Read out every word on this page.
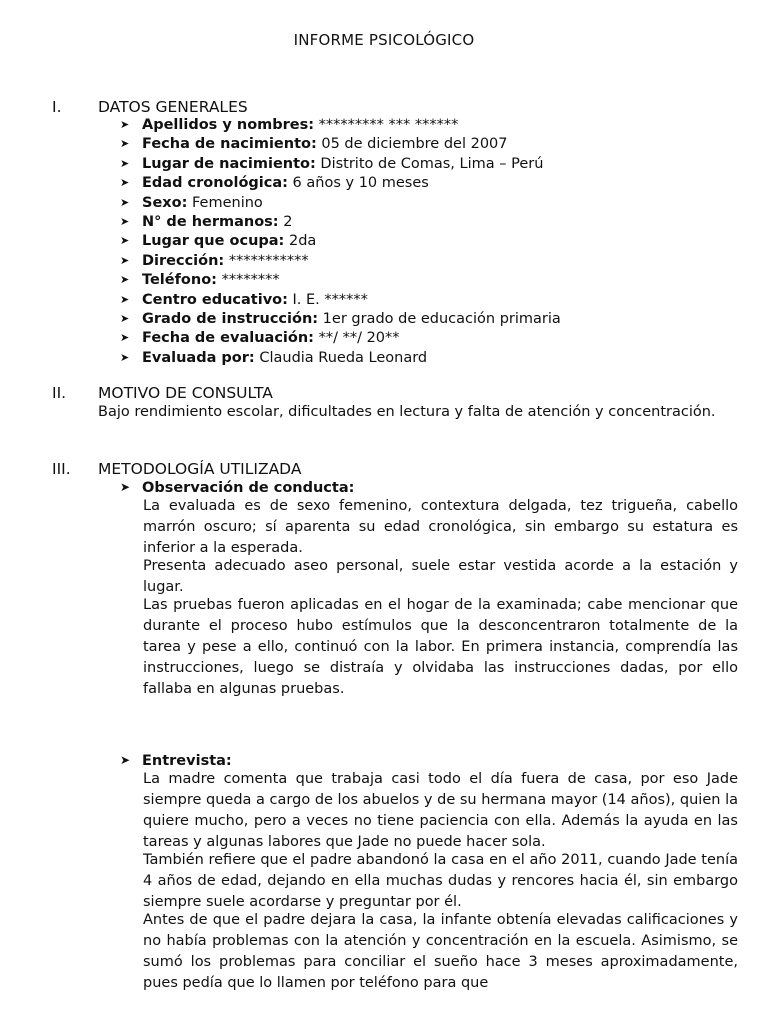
INFORME PSICOLÓGICO
I. DATOS GENERALES
➤ Apellidos y nombres: ********* *** ******
➤ Fecha de nacimiento: 05 de diciembre del 2007
➤ Lugar de nacimiento: Distrito de Comas, Lima – Perú
➤ Edad cronológica: 6 años y 10 meses
➤ Sexo: Femenino
➤ N° de hermanos: 2
➤ Lugar que ocupa: 2da
➤ Dirección: ***********
➤ Teléfono: ********
➤ Centro educativo: I. E. ******
➤ Grado de instrucción: 1er grado de educación primaria
➤ Fecha de evaluación: **/ **/ 20**
➤ Evaluada por: Claudia Rueda Leonard
II. MOTIVO DE CONSULTA

Bajo rendimiento escolar, dificultades en lectura y falta de atención y concentración.

III. METODOLOGÍA UTILIZADA
➤ Observación de conducta:

La evaluada es de sexo femenino, contextura delgada, tez trigueña, cabello marrón oscuro; sí aparenta su edad cronológica, sin embargo su estatura es inferior a la esperada.

Presenta adecuado aseo personal, suele estar vestida acorde a la estación y lugar.

Las pruebas fueron aplicadas en el hogar de la examinada; cabe mencionar que durante el proceso hubo estímulos que la desconcentraron totalmente de la tarea y pese a ello, continuó con la labor. En primera instancia, comprendía las instrucciones, luego se distraía y olvidaba las instrucciones dadas, por ello fallaba en algunas pruebas.

➤ Entrevista:

La madre comenta que trabaja casi todo el día fuera de casa, por eso Jade siempre queda a cargo de los abuelos y de su hermana mayor (14 años), quien la quiere mucho, pero a veces no tiene paciencia con ella. Además la ayuda en las tareas y algunas labores que Jade no puede hacer sola.

También refiere que el padre abandonó la casa en el año 2011, cuando Jade tenía 4 años de edad, dejando en ella muchas dudas y rencores hacia él, sin embargo siempre suele acordarse y preguntar por él.

Antes de que el padre dejara la casa, la infante obtenía elevadas calificaciones y no había problemas con la atención y concentración en la escuela. Asimismo, se sumó los problemas para conciliar el sueño hace 3 meses aproximadamente, pues pedía que lo llamen por teléfono para que
